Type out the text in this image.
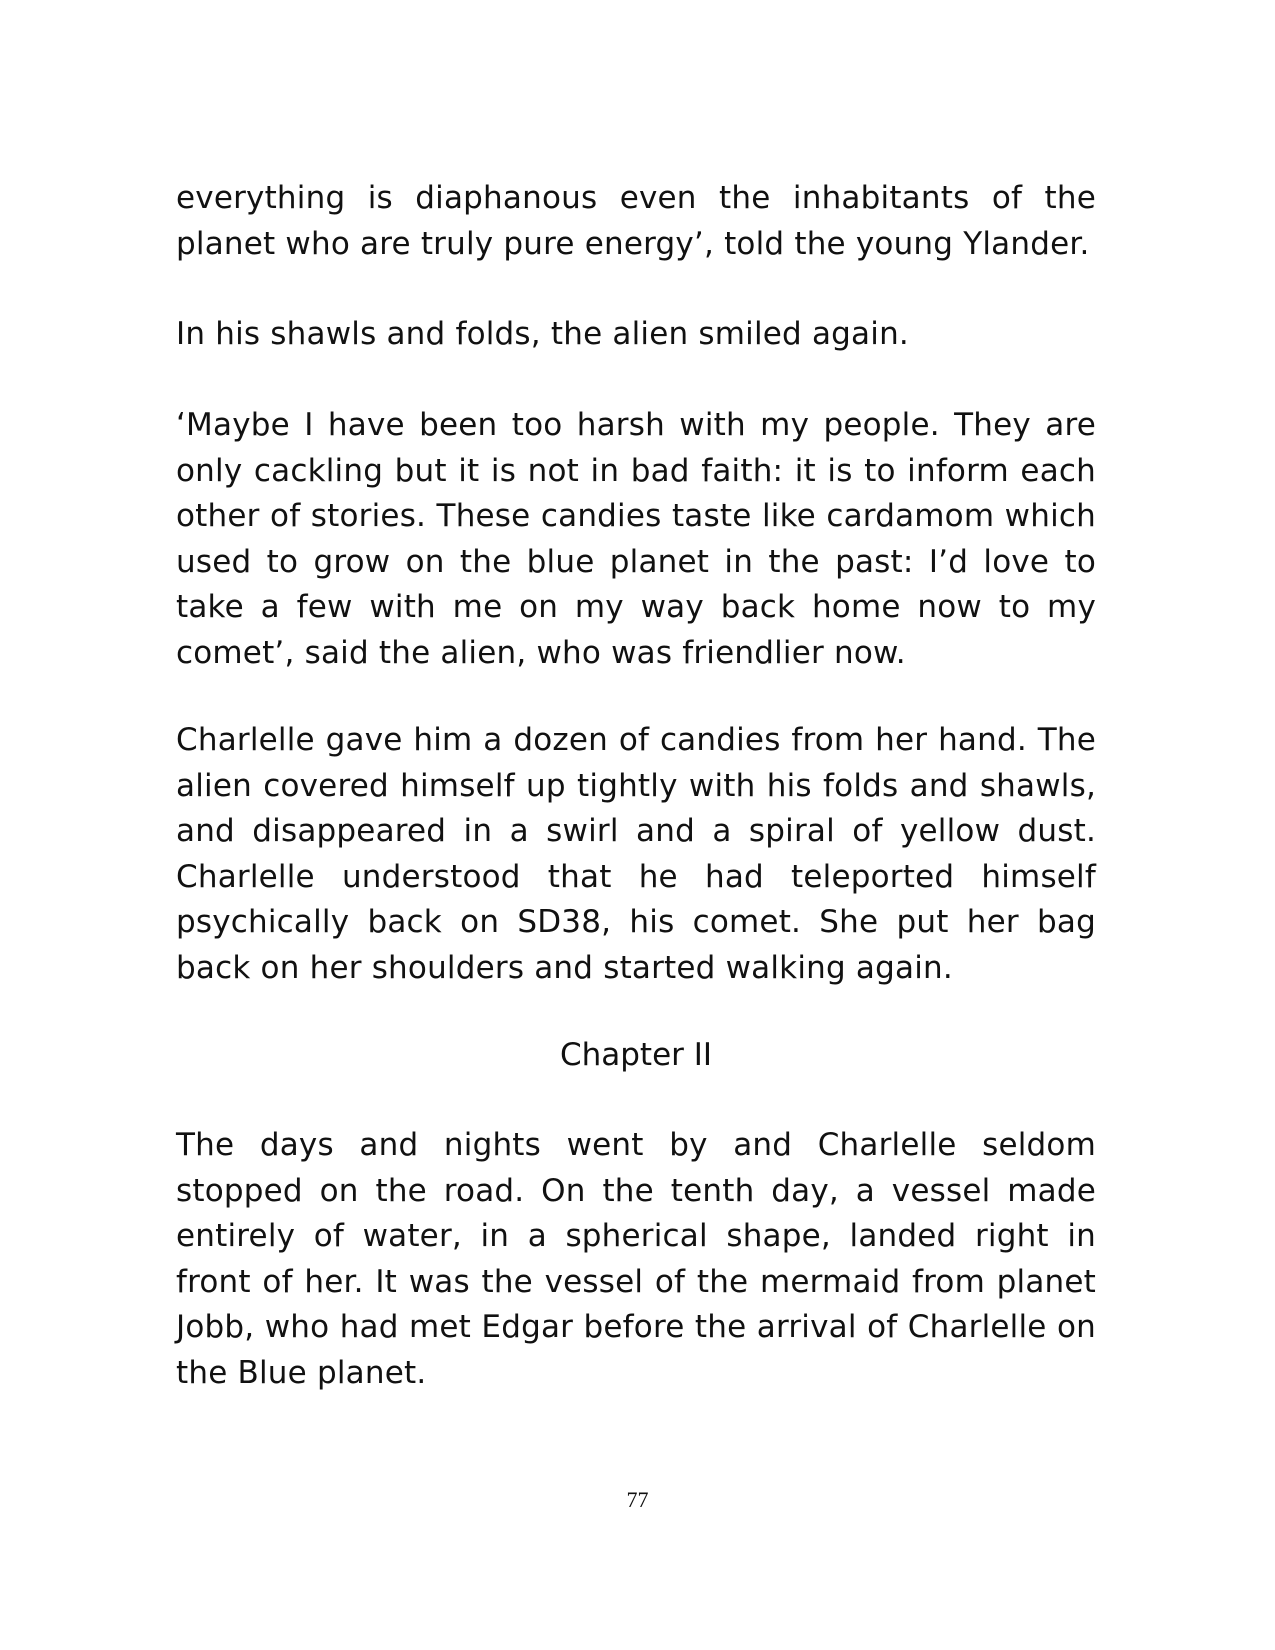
everything is diaphanous even the inhabitants of the planet who are truly pure energy’, told the young Ylander.
In his shawls and folds, the alien smiled again.
‘Maybe I have been too harsh with my people. They are only cackling but it is not in bad faith: it is to inform each other of stories. These candies taste like cardamom which used to grow on the blue planet in the past: I’d love to take a few with me on my way back home now to my comet’, said the alien, who was friendlier now.
Charlelle gave him a dozen of candies from her hand. The alien covered himself up tightly with his folds and shawls, and disappeared in a swirl and a spiral of yellow dust. Charlelle understood that he had teleported himself psychically back on SD38, his comet. She put her bag back on her shoulders and started walking again.
Chapter II
The days and nights went by and Charlelle seldom stopped on the road. On the tenth day, a vessel made entirely of water, in a spherical shape, landed right in front of her. It was the vessel of the mermaid from planet Jobb, who had met Edgar before the arrival of Charlelle on the Blue planet.
77
